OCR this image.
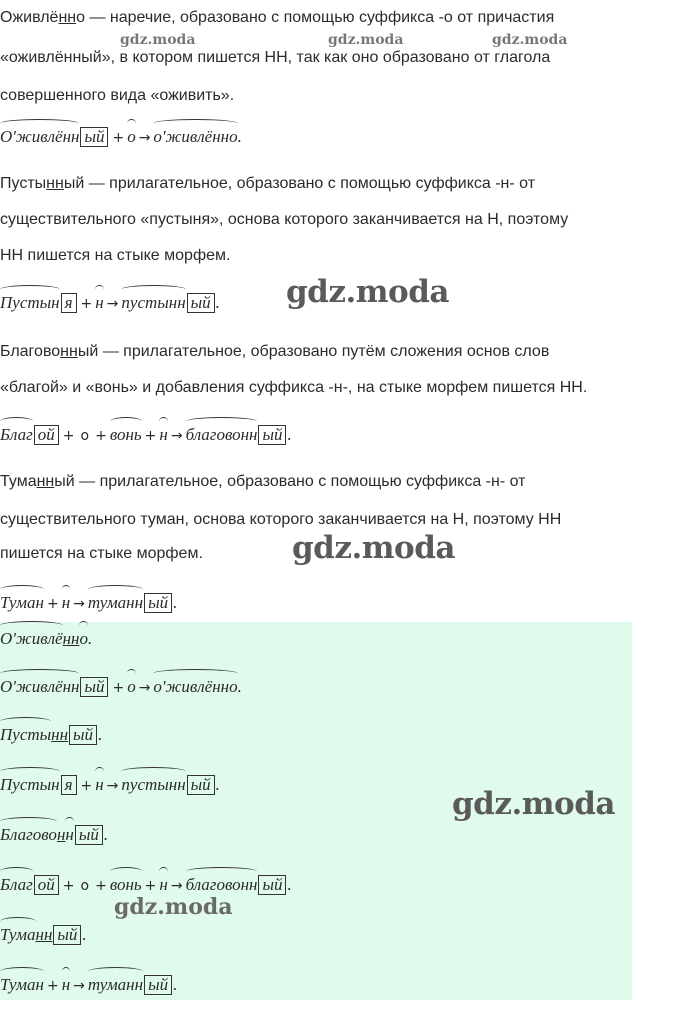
Оживлённо — наречие, образовано с помощью суффикса -о от причастия
«оживлённый», в котором пишется НН, так как оно образовано от глагола
совершенного вида «оживить».
О'живлённ ый + о → о'живлённо.
Пустынный — прилагательное, образовано с помощью суффикса -н- от
существительного «пустыня», основа которого заканчивается на Н, поэтому
НН пишется на стыке морфем.
Пустын я + н → пустынн ый .
Благовонный — прилагательное, образовано путём сложения основ слов
«благой» и «вонь» и добавления суффикса -н-, на стыке морфем пишется НН.
Благ ой + о + вонь + н → благовонн ый .
Туманный — прилагательное, образовано с помощью суффикса -н- от
существительного туман, основа которого заканчивается на Н, поэтому НН
пишется на стыке морфем.
Туман + н → туманн ый .
О'живлённо.
О'живлённ ый + о → о'живлённо.
Пустынн ый .
Пустын я + н → пустынн ый .
Благовонн ый .
Благ ой + о + вонь + н → благовонн ый .
Туманн ый .
Туман + н → туманн ый .
gdz.moda	gdz.moda	gdz.moda
gdz.moda
gdz.moda
gdz.moda
gdz.moda
